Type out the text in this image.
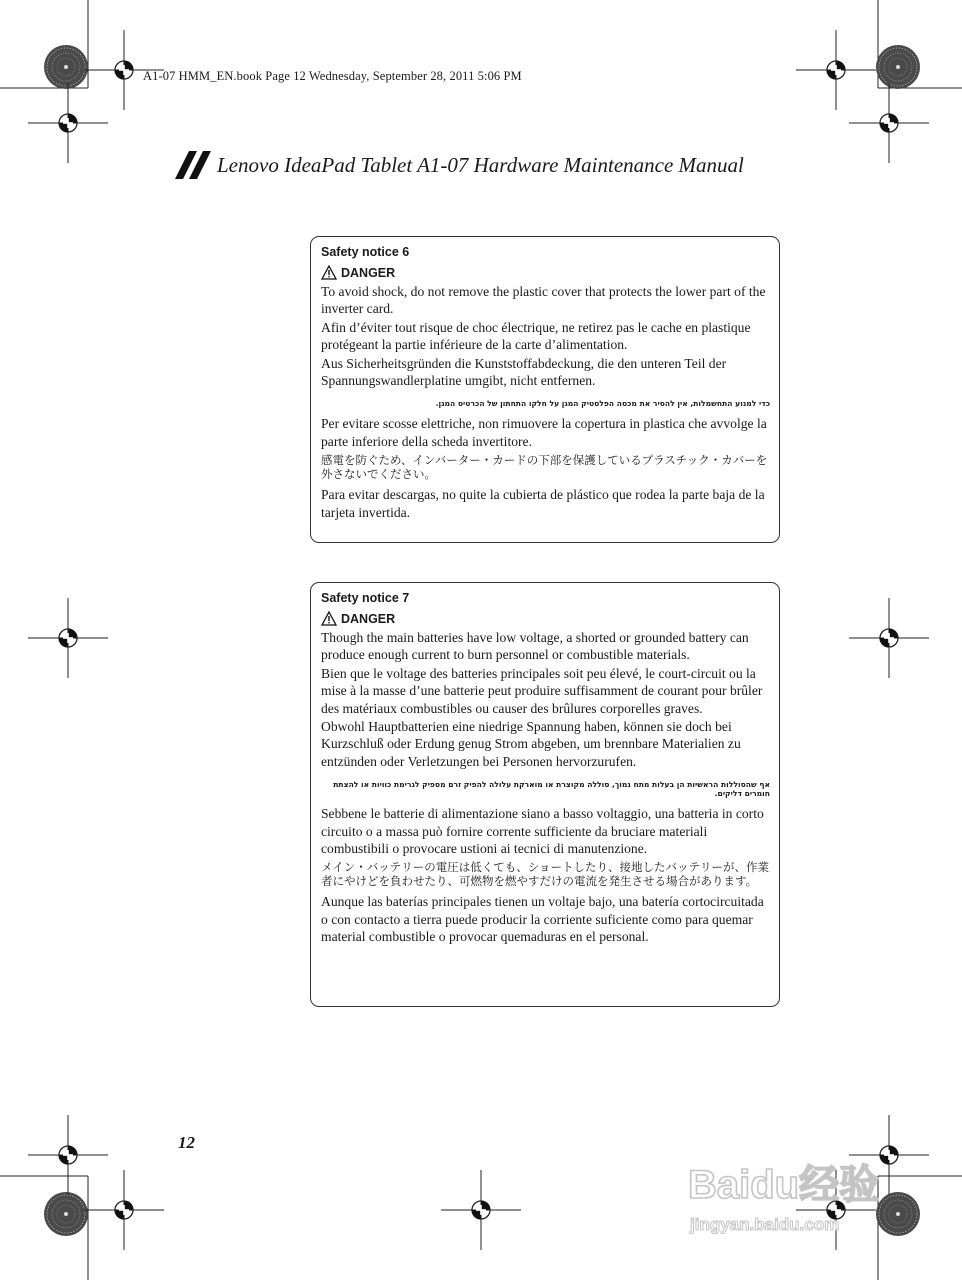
A1-07 HMM_EN.book Page 12 Wednesday, September 28, 2011 5:06 PM
Lenovo IdeaPad Tablet A1-07 Hardware Maintenance Manual
Safety notice 6
DANGER
To avoid shock, do not remove the plastic cover that protects the lower part of the inverter card.
Afin d’éviter tout risque de choc électrique, ne retirez pas le cache en plastique protégeant la partie inférieure de la carte d’alimentation.
Aus Sicherheitsgründen die Kunststoffabdeckung, die den unteren Teil der Spannungswandlerplatine umgibt, nicht entfernen.
כדי למנוע התחשמלות, אין להסיר את מכסה הפלסטיק המגן על חלקו התחתון של הכרטיס המגן.
Per evitare scosse elettriche, non rimuovere la copertura in plastica che avvolge la parte inferiore della scheda invertitore.
感電を防ぐため、インバーター・カードの下部を保護しているプラスチック・カバーを外さないでください。
Para evitar descargas, no quite la cubierta de plástico que rodea la parte baja de la tarjeta invertida.
Safety notice 7
DANGER
Though the main batteries have low voltage, a shorted or grounded battery can produce enough current to burn personnel or combustible materials.
Bien que le voltage des batteries principales soit peu élevé, le court-circuit ou la mise à la masse d’une batterie peut produire suffisamment de courant pour brûler des matériaux combustibles ou causer des brûlures corporelles graves.
Obwohl Hauptbatterien eine niedrige Spannung haben, können sie doch bei Kurzschluß oder Erdung genug Strom abgeben, um brennbare Materialien zu entzünden oder Verletzungen bei Personen hervorzurufen.
אף שהסוללות הראשיות הן בעלות מתח נמוך, סוללה מקוצרת או מוארקת עלולה להפיק זרם מספיק לגרימת כוויות או להצתת חומרים דליקים.
Sebbene le batterie di alimentazione siano a basso voltaggio, una batteria in corto circuito o a massa può fornire corrente sufficiente da bruciare materiali combustibili o provocare ustioni ai tecnici di manutenzione.
メイン・バッテリーの電圧は低くても、ショートしたり、接地したバッテリーが、作業者にやけどを負わせたり、可燃物を燃やすだけの電流を発生させる場合があります。
Aunque las baterías principales tienen un voltaje bajo, una batería cortocircuitada o con contacto a tierra puede producir la corriente suficiente como para quemar material combustible o provocar quemaduras en el personal.
12
Baidu经验
jingyan.baidu.com
